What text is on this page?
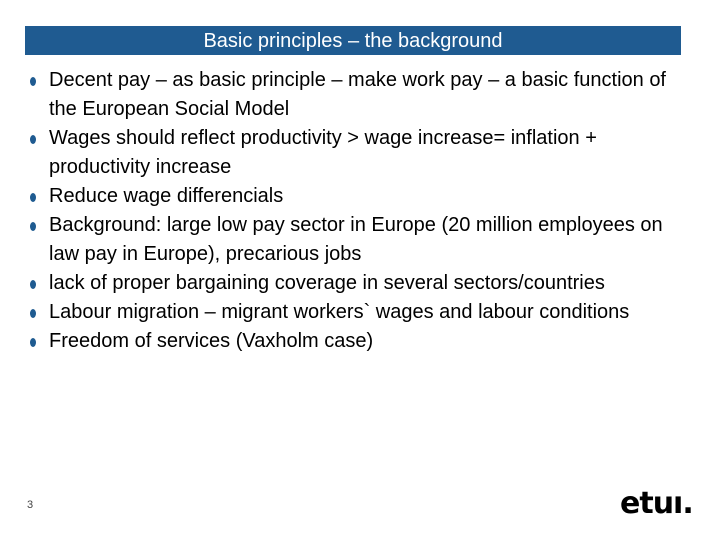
Basic principles – the background
Decent pay – as basic principle – make work pay – a basic function of the European Social Model
Wages should reflect productivity > wage increase= inflation + productivity increase
Reduce wage differencials
Background: large low pay sector in Europe (20 million employees on law pay in Europe), precarious jobs
lack of proper bargaining coverage in several sectors/countries
Labour migration – migrant workers` wages and labour conditions
Freedom of services (Vaxholm case)
3	etuı.
